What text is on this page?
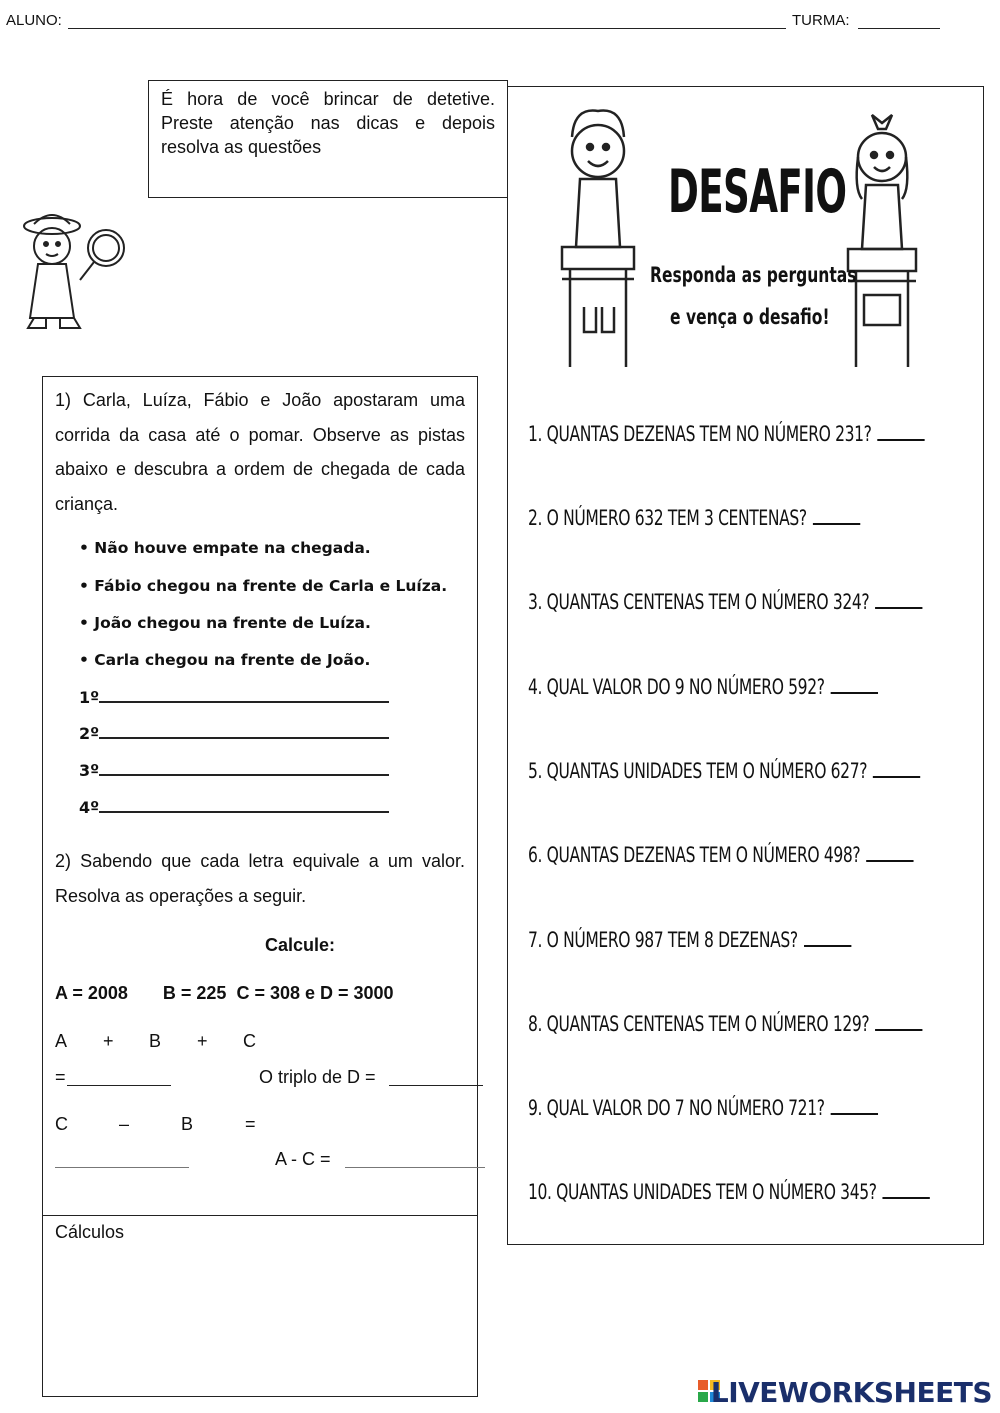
ALUNO:	TURMA:
É hora de você brincar de detetive. Preste atenção nas dicas e depois resolva as questões

1) Carla, Luíza, Fábio e João apostaram uma corrida da casa até o pomar. Observe as pistas abaixo e descubra a ordem de chegada de cada criança.

• Não houve empate na chegada.
• Fábio chegou na frente de Carla e Luíza.
• João chegou na frente de Luíza.
• Carla chegou na frente de João.
1º
2º
3º
4º

2) Sabendo que cada letra equivale a um valor. Resolva as operações a seguir.

Calcule:
A = 2008       B = 225  C = 308 e D = 3000
A + B + C
=	O triplo de D =
C	–	B	=
A - C =
Cálculos
DESAFIO
Responda as perguntas
e vença o desafio!
1. QUANTAS DEZENAS TEM NO NÚMERO 231?
2. O NÚMERO 632 TEM 3 CENTENAS?
3. QUANTAS CENTENAS TEM O NÚMERO 324?
4. QUAL VALOR DO 9 NO NÚMERO 592?
5. QUANTAS UNIDADES TEM O NÚMERO 627?
6. QUANTAS DEZENAS TEM O NÚMERO 498?
7. O NÚMERO 987 TEM 8 DEZENAS?
8. QUANTAS CENTENAS TEM O NÚMERO 129?
9. QUAL VALOR DO 7 NO NÚMERO 721?
10. QUANTAS UNIDADES TEM O NÚMERO 345?
LIVEWORKSHEETS
